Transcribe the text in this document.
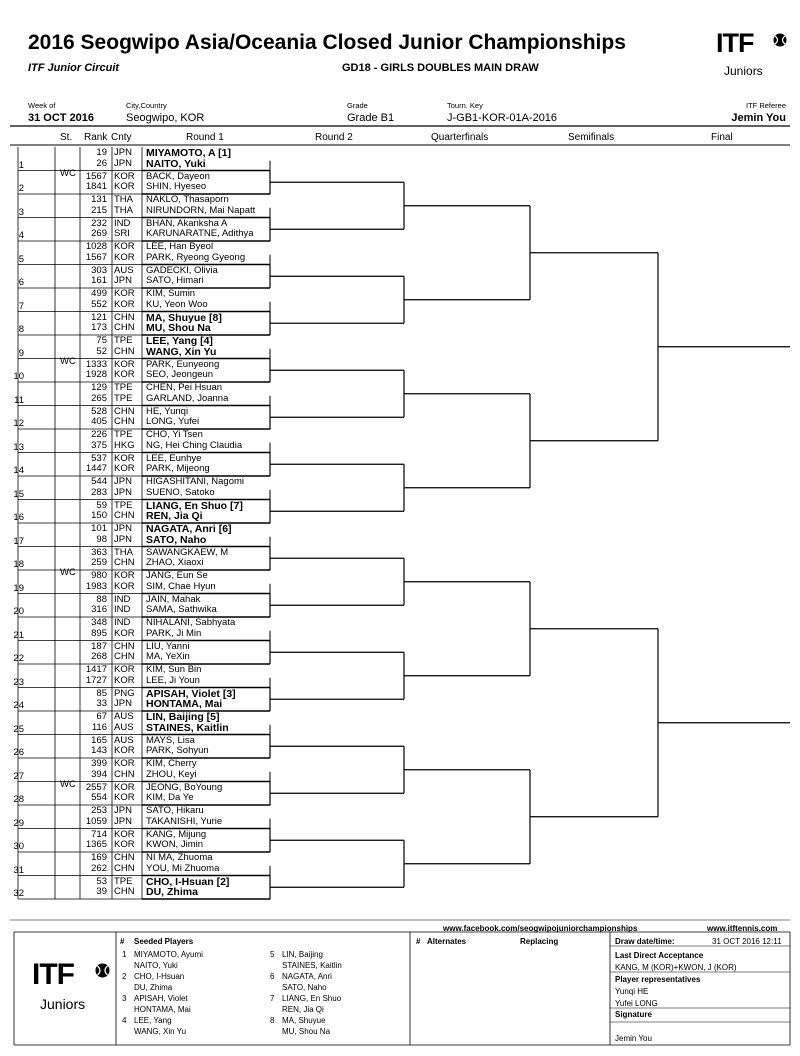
2016 Seogwipo Asia/Oceania Closed Junior Championships
ITF Junior Circuit	GD18 - GIRLS DOUBLES MAIN DRAW
ITF
Juniors
Week of
31 OCT 2016
City,Country
Seogwipo, KOR
Grade
Grade B1
Tourn. Key
J-GB1-KOR-01A-2016
ITF Referee
Jemin You
St. Rank Cnty	Round 1	Round 2	Quarterfinals	Semifinals	Final
1
19 JPN MIYAMOTO, A [1]
26 JPN NAITO, Yuki
2
WC	1567 KOR BACK, Dayeon
1841 KOR SHIN, Hyeseo
3
131 THA NAKLO, Thasaporn
215 THA NIRUNDORN, Mai Napatt
4
232 IND BHAN, Akanksha A
269 SRI KARUNARATNE, Adithya
5
1028 KOR LEE, Han Byeol
1567 KOR PARK, Ryeong Gyeong
6
303 AUS GADECKI, Olivia
161 JPN SATO, Himari
7
499 KOR KIM, Sumin
552 KOR KU, Yeon Woo
8
121 CHN MA, Shuyue [8]
173 CHN MU, Shou Na
9
75 TPE LEE, Yang [4]
52 CHN WANG, Xin Yu
10
WC	1333 KOR PARK, Eunyeong
1928 KOR SEO, Jeongeun
11
129 TPE CHEN, Pei Hsuan
265 TPE GARLAND, Joanna
12
528 CHN HE, Yunqi
405 CHN LONG, Yufei
13
226 TPE CHO, Yi Tsen
375 HKG NG, Hei Ching Claudia
14
537 KOR LEE, Eunhye
1447 KOR PARK, Mijeong
15
544 JPN HIGASHITANI, Nagomi
283 JPN SUENO, Satoko
16
59 TPE LIANG, En Shuo [7]
150 CHN REN, Jia Qi
17
101 JPN NAGATA, Anri [6]
98 JPN SATO, Naho
18
363 THA SAWANGKAEW, M
259 CHN ZHAO, Xiaoxi
19
WC	980 KOR JANG, Eun Se
1983 KOR SIM, Chae Hyun
20
88 IND JAIN, Mahak
316 IND SAMA, Sathwika
21
348 IND NIHALANI, Sabhyata
895 KOR PARK, Ji Min
22
187 CHN LIU, Yanni
268 CHN MA, YeXin
23
1417 KOR KIM, Sun Bin
1727 KOR LEE, Ji Youn
24
85 PNG APISAH, Violet [3]
33 JPN HONTAMA, Mai
25
67 AUS LIN, Baijing [5]
116 AUS STAINES, Kaitlin
26
165 AUS MAYS, Lisa
143 KOR PARK, Sohyun
27
399 KOR KIM, Cherry
394 CHN ZHOU, Keyi
28
WC	2557 KOR JEONG, BoYoung
554 KOR KIM, Da Ye
29
253 JPN SATO, Hikaru
1059 JPN TAKANISHI, Yurie
30
714 KOR KANG, Mijung
1365 KOR KWON, Jimin
31
169 CHN NI MA, Zhuoma
262 CHN YOU, Mi Zhuoma
32
53 TPE CHO, I-Hsuan [2]
39 CHN DU, Zhima
www.facebook.com/seogwipojuniorchampionships	www.itftennis.com
ITF
Juniors
# Seeded Players
1 MIYAMOTO, Ayumi
NAITO, Yuki
2 CHO, I-Hsuan
DU, Zhima
3 APISAH, Violet
HONTAMA, Mai
4 LEE, Yang
WANG, Xin Yu
5 LIN, Baijing
STAINES, Kaitlin
6 NAGATA, Anri
SATO, Naho
7 LIANG, En Shuo
REN, Jia Qi
8 MA, Shuyue
MU, Shou Na
# Alternates	Replacing	Draw date/time:	31 OCT 2016 12:11
Last Direct Acceptance
KANG, M (KOR)+KWON, J (KOR)
Player representatives
Yunqi HE
Yufei LONG
Signature
Jemin You
